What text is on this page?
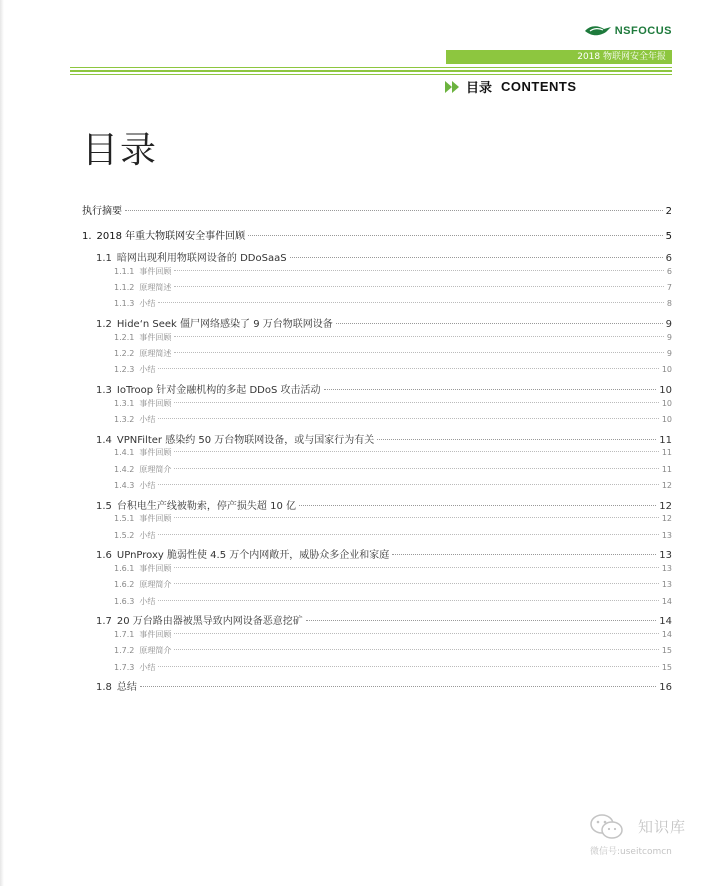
NSFOCUS
2018 物联网安全年报
目录 CONTENTS
目录
执行摘要	2
1. 2018 年重大物联网安全事件回顾	5
1.1 暗网出现利用物联网设备的 DDoSaaS	6
1.1.1 事件回顾	6
1.1.2 原理简述	7
1.1.3 小结	8
1.2 Hide‘n Seek 僵尸网络感染了 9 万台物联网设备	9
1.2.1 事件回顾	9
1.2.2 原理简述	9
1.2.3 小结	10
1.3 IoTroop 针对金融机构的多起 DDoS 攻击活动	10
1.3.1 事件回顾	10
1.3.2 小结	10
1.4 VPNFilter 感染约 50 万台物联网设备，或与国家行为有关	11
1.4.1 事件回顾	11
1.4.2 原理简介	11
1.4.3 小结	12
1.5 台积电生产线被勒索，停产损失超 10 亿	12
1.5.1 事件回顾	12
1.5.2 小结	13
1.6 UPnProxy 脆弱性使 4.5 万个内网敞开，威胁众多企业和家庭	13
1.6.1 事件回顾	13
1.6.2 原理简介	13
1.6.3 小结	14
1.7 20 万台路由器被黑导致内网设备恶意挖矿	14
1.7.1 事件回顾	14
1.7.2 原理简介	15
1.7.3 小结	15
1.8 总结	16
知识库
微信号:useitcomcn
